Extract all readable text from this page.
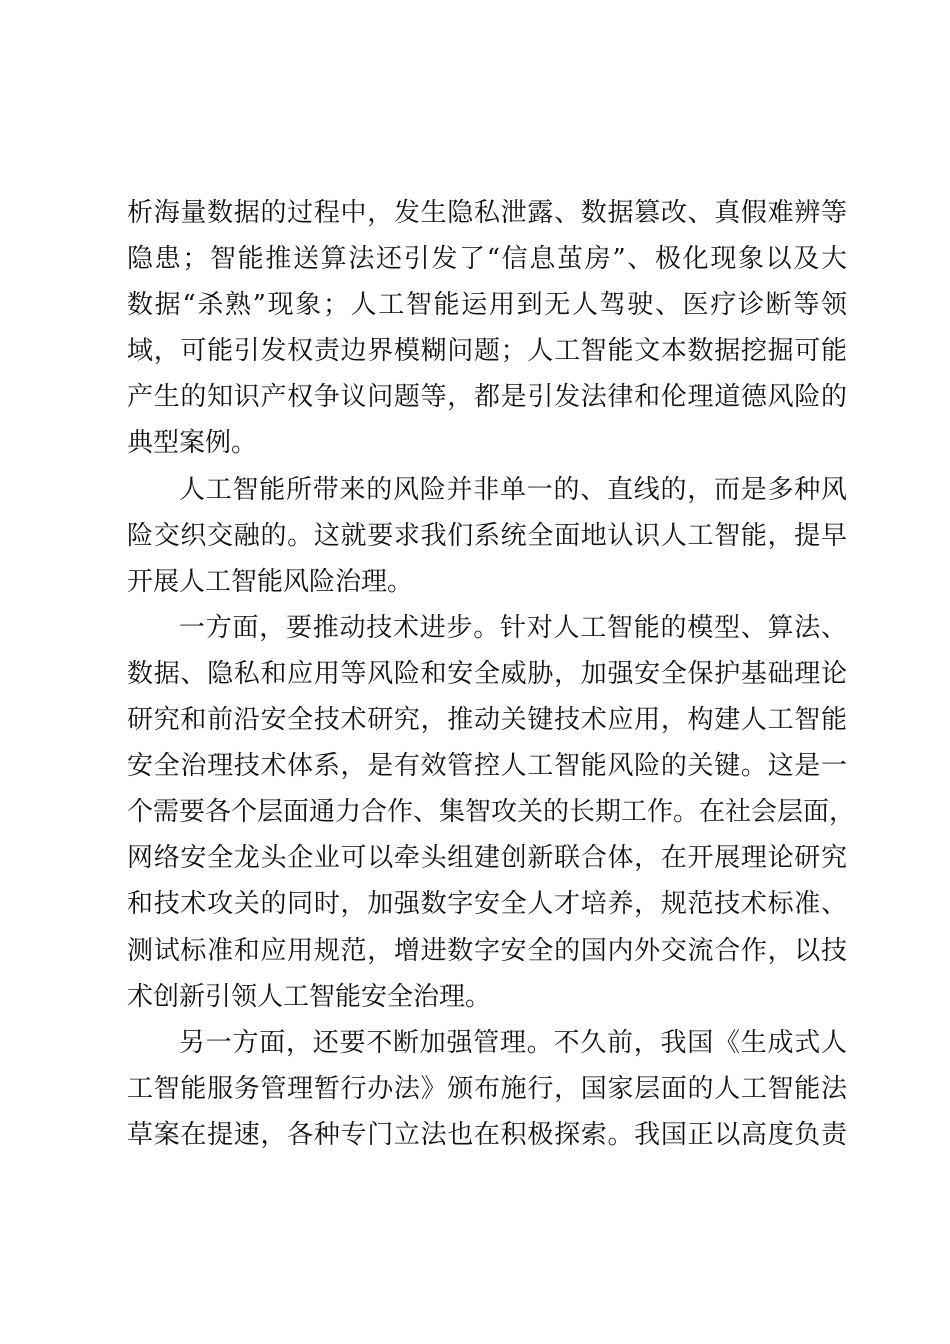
析海量数据的过程中，发生隐私泄露、数据篡改、真假难辨等
隐患；智能推送算法还引发了“信息茧房”、极化现象以及大
数据“杀熟”现象；人工智能运用到无人驾驶、医疗诊断等领
域，可能引发权责边界模糊问题；人工智能文本数据挖掘可能
产生的知识产权争议问题等，都是引发法律和伦理道德风险的
典型案例。
人工智能所带来的风险并非单一的、直线的，而是多种风
险交织交融的。这就要求我们系统全面地认识人工智能，提早
开展人工智能风险治理。
一方面，要推动技术进步。针对人工智能的模型、算法、
数据、隐私和应用等风险和安全威胁，加强安全保护基础理论
研究和前沿安全技术研究，推动关键技术应用，构建人工智能
安全治理技术体系，是有效管控人工智能风险的关键。这是一
个需要各个层面通力合作、集智攻关的长期工作。在社会层面，
网络安全龙头企业可以牵头组建创新联合体，在开展理论研究
和技术攻关的同时，加强数字安全人才培养，规范技术标准、
测试标准和应用规范，增进数字安全的国内外交流合作，以技
术创新引领人工智能安全治理。
另一方面，还要不断加强管理。不久前，我国《生成式人
工智能服务管理暂行办法》颁布施行，国家层面的人工智能法
草案在提速，各种专门立法也在积极探索。我国正以高度负责
